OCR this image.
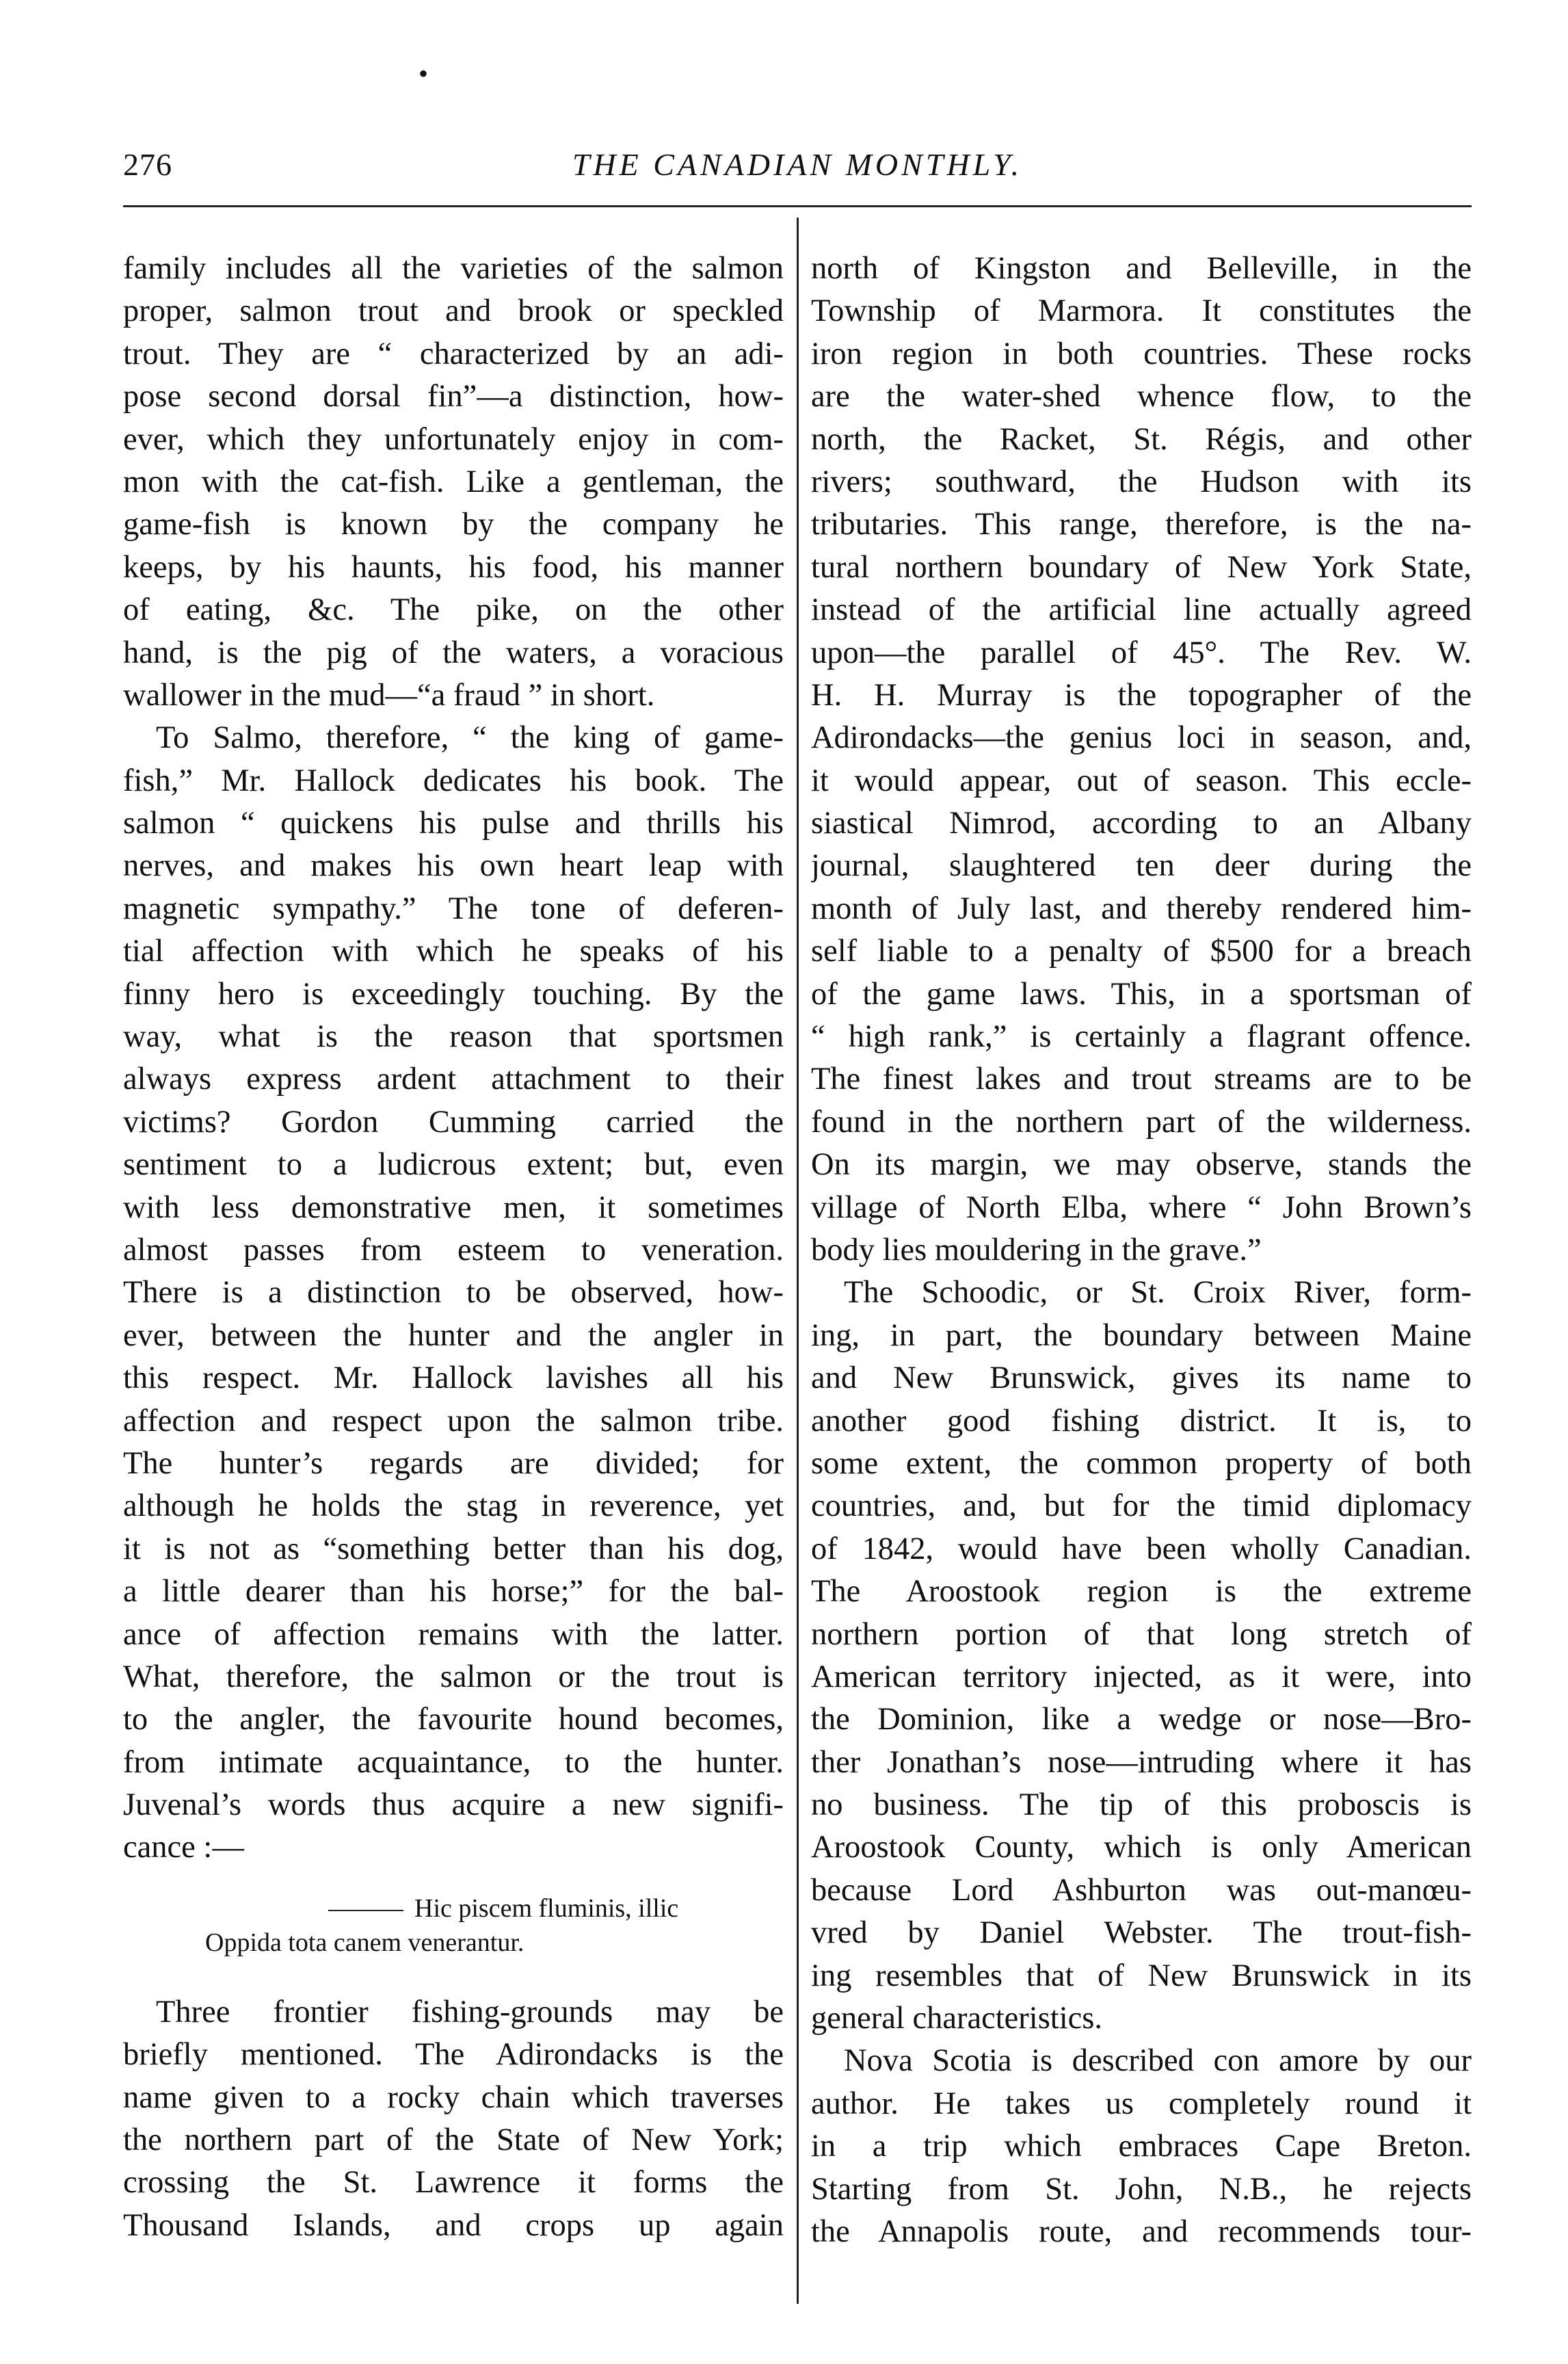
•
276	THE CANADIAN MONTHLY.
family includes all the varieties of the salmon
proper, salmon trout and brook or speckled
trout. They are “ characterized by an adi-
pose second dorsal fin”—a distinction, how-
ever, which they unfortunately enjoy in com-
mon with the cat-fish. Like a gentleman, the
game-fish is known by the company he
keeps, by his haunts, his food, his manner
of eating, &c. The pike, on the other
hand, is the pig of the waters, a voracious
wallower in the mud—“a fraud ” in short.
To Salmo, therefore, “ the king of game-
fish,” Mr. Hallock dedicates his book. The
salmon “ quickens his pulse and thrills his
nerves, and makes his own heart leap with
magnetic sympathy.” The tone of deferen-
tial affection with which he speaks of his
finny hero is exceedingly touching. By the
way, what is the reason that sportsmen
always express ardent attachment to their
victims? Gordon Cumming carried the
sentiment to a ludicrous extent; but, even
with less demonstrative men, it sometimes
almost passes from esteem to veneration.
There is a distinction to be observed, how-
ever, between the hunter and the angler in
this respect. Mr. Hallock lavishes all his
affection and respect upon the salmon tribe.
The hunter’s regards are divided; for
although he holds the stag in reverence, yet
it is not as “something better than his dog,
a little dearer than his horse;” for the bal-
ance of affection remains with the latter.
What, therefore, the salmon or the trout is
to the angler, the favourite hound becomes,
from intimate acquaintance, to the hunter.
Juvenal’s words thus acquire a new signifi-
cance :—
Hic piscem fluminis, illic
Oppida tota canem venerantur.
Three frontier fishing-grounds may be
briefly mentioned. The Adirondacks is the
name given to a rocky chain which traverses
the northern part of the State of New York;
crossing the St. Lawrence it forms the
Thousand Islands, and crops up again
north of Kingston and Belleville, in the
Township of Marmora. It constitutes the
iron region in both countries. These rocks
are the water-shed whence flow, to the
north, the Racket, St. Régis, and other
rivers; southward, the Hudson with its
tributaries. This range, therefore, is the na-
tural northern boundary of New York State,
instead of the artificial line actually agreed
upon—the parallel of 45°. The Rev. W.
H. H. Murray is the topographer of the
Adirondacks—the genius loci in season, and,
it would appear, out of season. This eccle-
siastical Nimrod, according to an Albany
journal, slaughtered ten deer during the
month of July last, and thereby rendered him-
self liable to a penalty of $500 for a breach
of the game laws. This, in a sportsman of
“ high rank,” is certainly a flagrant offence.
The finest lakes and trout streams are to be
found in the northern part of the wilderness.
On its margin, we may observe, stands the
village of North Elba, where “ John Brown’s
body lies mouldering in the grave.”
The Schoodic, or St. Croix River, form-
ing, in part, the boundary between Maine
and New Brunswick, gives its name to
another good fishing district. It is, to
some extent, the common property of both
countries, and, but for the timid diplomacy
of 1842, would have been wholly Canadian.
The Aroostook region is the extreme
northern portion of that long stretch of
American territory injected, as it were, into
the Dominion, like a wedge or nose—Bro-
ther Jonathan’s nose—intruding where it has
no business. The tip of this proboscis is
Aroostook County, which is only American
because Lord Ashburton was out-manœu-
vred by Daniel Webster. The trout-fish-
ing resembles that of New Brunswick in its
general characteristics.
Nova Scotia is described con amore by our
author. He takes us completely round it
in a trip which embraces Cape Breton.
Starting from St. John, N.B., he rejects
the Annapolis route, and recommends tour-
